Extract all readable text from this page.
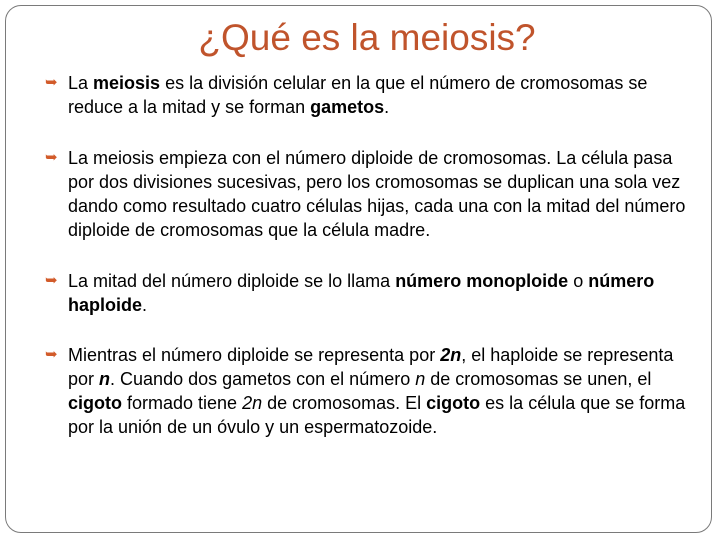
¿Qué es la meiosis?
➥ La meiosis es la división celular en la que el número de cromosomas se reduce a la mitad y se forman gametos.
➥ La meiosis empieza con el número diploide de cromosomas. La célula pasa por dos divisiones sucesivas, pero los cromosomas se duplican una sola vez dando como resultado cuatro células hijas, cada una con la mitad del número diploide de cromosomas que la célula madre.
➥ La mitad del número diploide se lo llama número monoploide o número haploide.
➥ Mientras el número diploide se representa por 2n, el haploide se representa por n. Cuando dos gametos con el número n de cromosomas se unen, el cigoto formado tiene 2n de cromosomas. El cigoto es la célula que se forma por la unión de un óvulo y un espermatozoide.
